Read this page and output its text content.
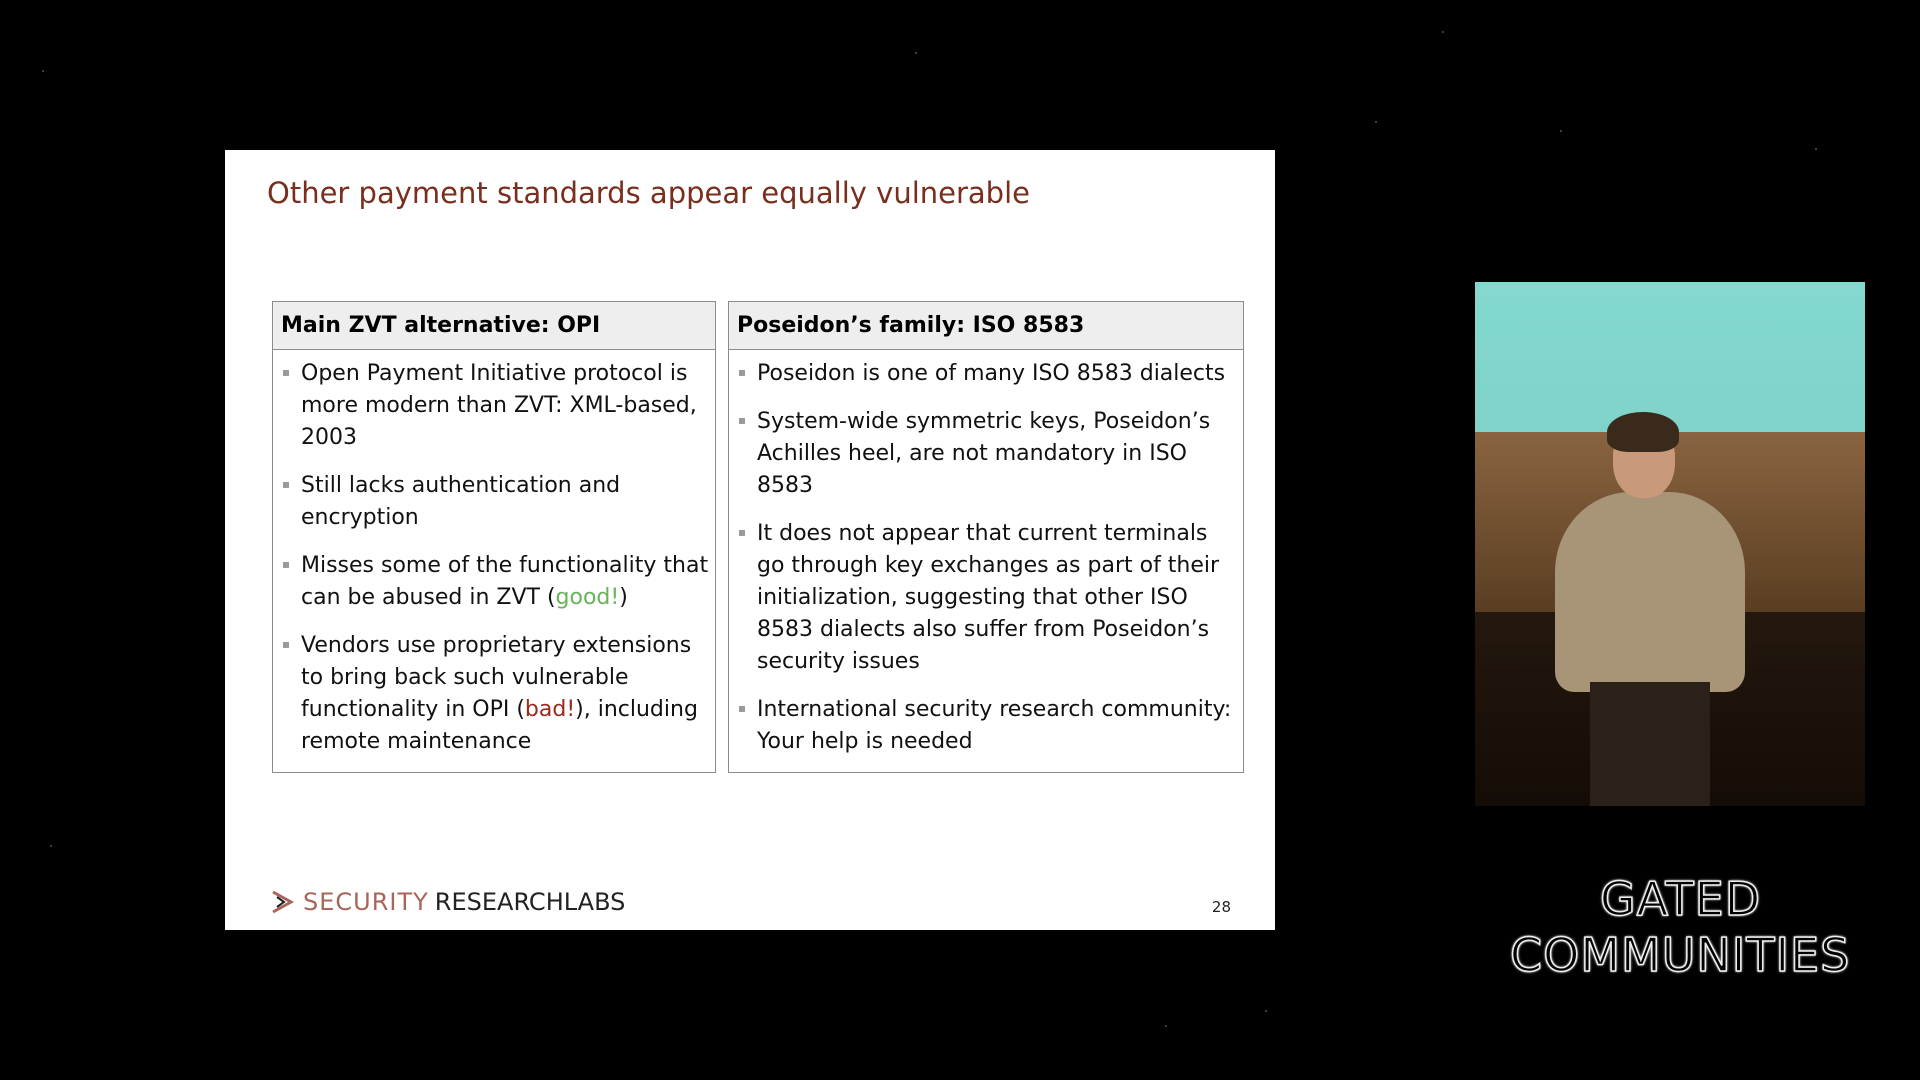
Other payment standards appear equally vulnerable
Main ZVT alternative: OPI
Open Payment Initiative protocol is more modern than ZVT: XML-based, 2003
Still lacks authentication and encryption
Misses some of the functionality that can be abused in ZVT (good!)
Vendors use proprietary extensions to bring back such vulnerable functionality in OPI (bad!), including remote maintenance
Poseidon’s family: ISO 8583
Poseidon is one of many ISO 8583 dialects
System-wide symmetric keys, Poseidon’s Achilles heel, are not mandatory in ISO 8583
It does not appear that current terminals go through key exchanges as part of their initialization, suggesting that other ISO 8583 dialects also suffer from Poseidon’s security issues
International security research community: Your help is needed
SECURITY RESEARCHLABS	28	GATED
COMMUNITIES
